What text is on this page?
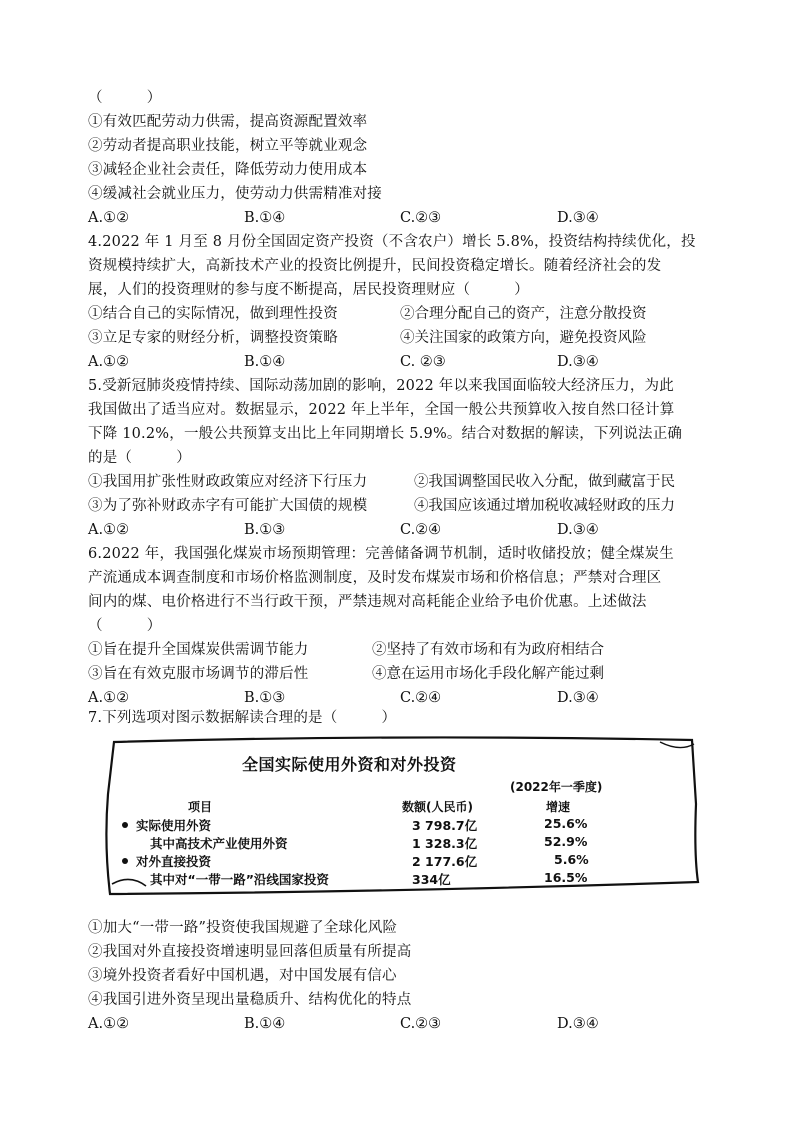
（　　　）
①有效匹配劳动力供需，提高资源配置效率
②劳动者提高职业技能，树立平等就业观念
③减轻企业社会责任，降低劳动力使用成本
④缓减社会就业压力，使劳动力供需精准对接
A.①②	B.①④	C.②③	D.③④
4.2022 年 1 月至 8 月份全国固定资产投资（不含农户）增长 5.8%，投资结构持续优化，投
资规模持续扩大，高新技术产业的投资比例提升，民间投资稳定增长。随着经济社会的发
展，人们的投资理财的参与度不断提高，居民投资理财应（　　　）
①结合自己的实际情况，做到理性投资	②合理分配自己的资产，注意分散投资
③立足专家的财经分析，调整投资策略	④关注国家的政策方向，避免投资风险
A.①②	B.①④	C. ②③	D.③④
5.受新冠肺炎疫情持续、国际动荡加剧的影响，2022 年以来我国面临较大经济压力，为此
我国做出了适当应对。数据显示，2022 年上半年，全国一般公共预算收入按自然口径计算
下降 10.2%，一般公共预算支出比上年同期增长 5.9%。结合对数据的解读，下列说法正确
的是（　　　）
①我国用扩张性财政政策应对经济下行压力	②我国调整国民收入分配，做到藏富于民
③为了弥补财政赤字有可能扩大国债的规模	④我国应该通过增加税收减轻财政的压力
A.①②	B.①③	C.②④	D.③④
6.2022 年，我国强化煤炭市场预期管理：完善储备调节机制，适时收储投放；健全煤炭生
产流通成本调查制度和市场价格监测制度，及时发布煤炭市场和价格信息；严禁对合理区
间内的煤、电价格进行不当行政干预，严禁违规对高耗能企业给予电价优惠。上述做法
（　　　）
①旨在提升全国煤炭供需调节能力	②坚持了有效市场和有为政府相结合
③旨在有效克服市场调节的滞后性	④意在运用市场化手段化解产能过剩
A.①②	B.①③	C.②④	D.③④
7.下列选项对图示数据解读合理的是（　　　）
全国实际使用外资和对外投资
(2022年一季度)
项目	数额(人民币)	增速
实际使用外资	3 798.7亿	25.6%
其中高技术产业使用外资	1 328.3亿	52.9%
对外直接投资	2 177.6亿	5.6%
其中对“一带一路”沿线国家投资	334亿	16.5%
①加大“一带一路”投资使我国规避了全球化风险
②我国对外直接投资增速明显回落但质量有所提高
③境外投资者看好中国机遇，对中国发展有信心
④我国引进外资呈现出量稳质升、结构优化的特点
A.①②	B.①④	C.②③	D.③④
